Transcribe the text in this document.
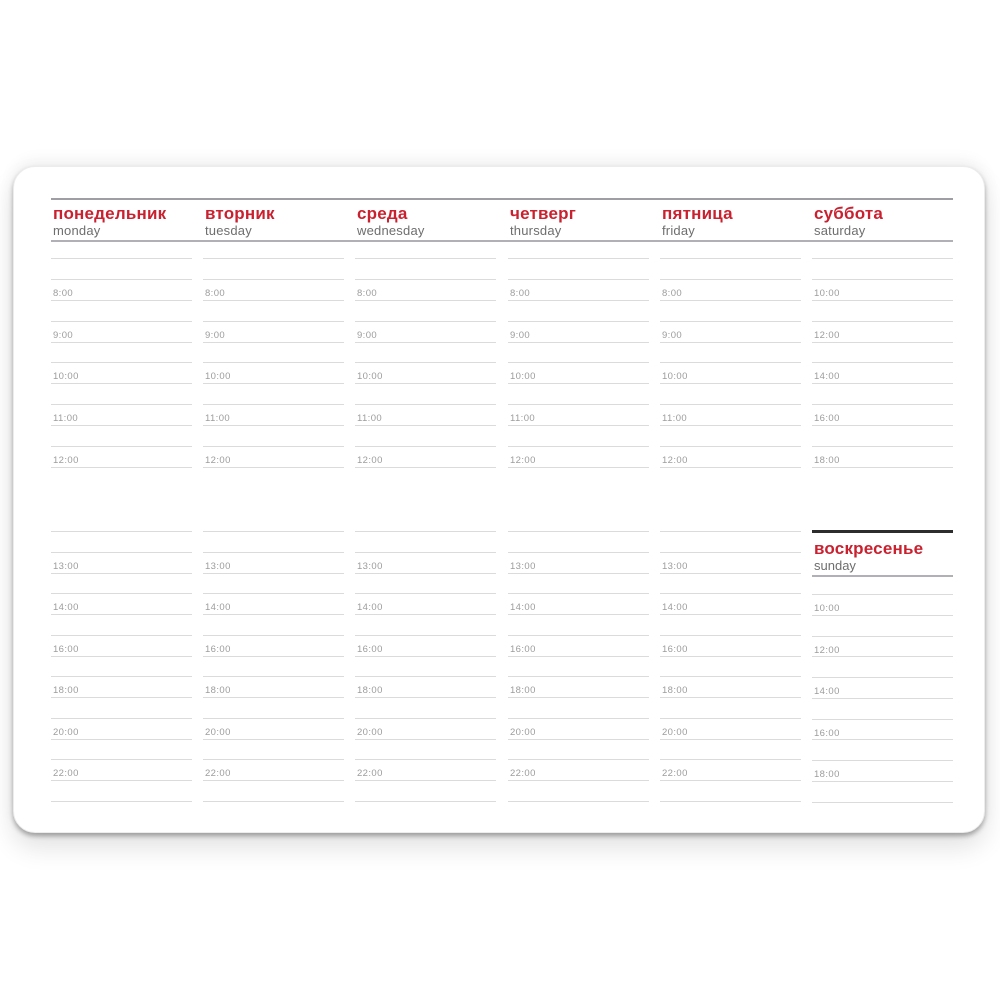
понедельник
monday
8:00
9:00
10:00
11:00
12:00
13:00
14:00
16:00
18:00
20:00
22:00
вторник
tuesday
8:00
9:00
10:00
11:00
12:00
13:00
14:00
16:00
18:00
20:00
22:00
среда
wednesday
8:00
9:00
10:00
11:00
12:00
13:00
14:00
16:00
18:00
20:00
22:00
четверг
thursday
8:00
9:00
10:00
11:00
12:00
13:00
14:00
16:00
18:00
20:00
22:00
пятница
friday
8:00
9:00
10:00
11:00
12:00
13:00
14:00
16:00
18:00
20:00
22:00
суббота
saturday
10:00
12:00
14:00
16:00
18:00
воскресенье
sunday
10:00
12:00
14:00
16:00
18:00
